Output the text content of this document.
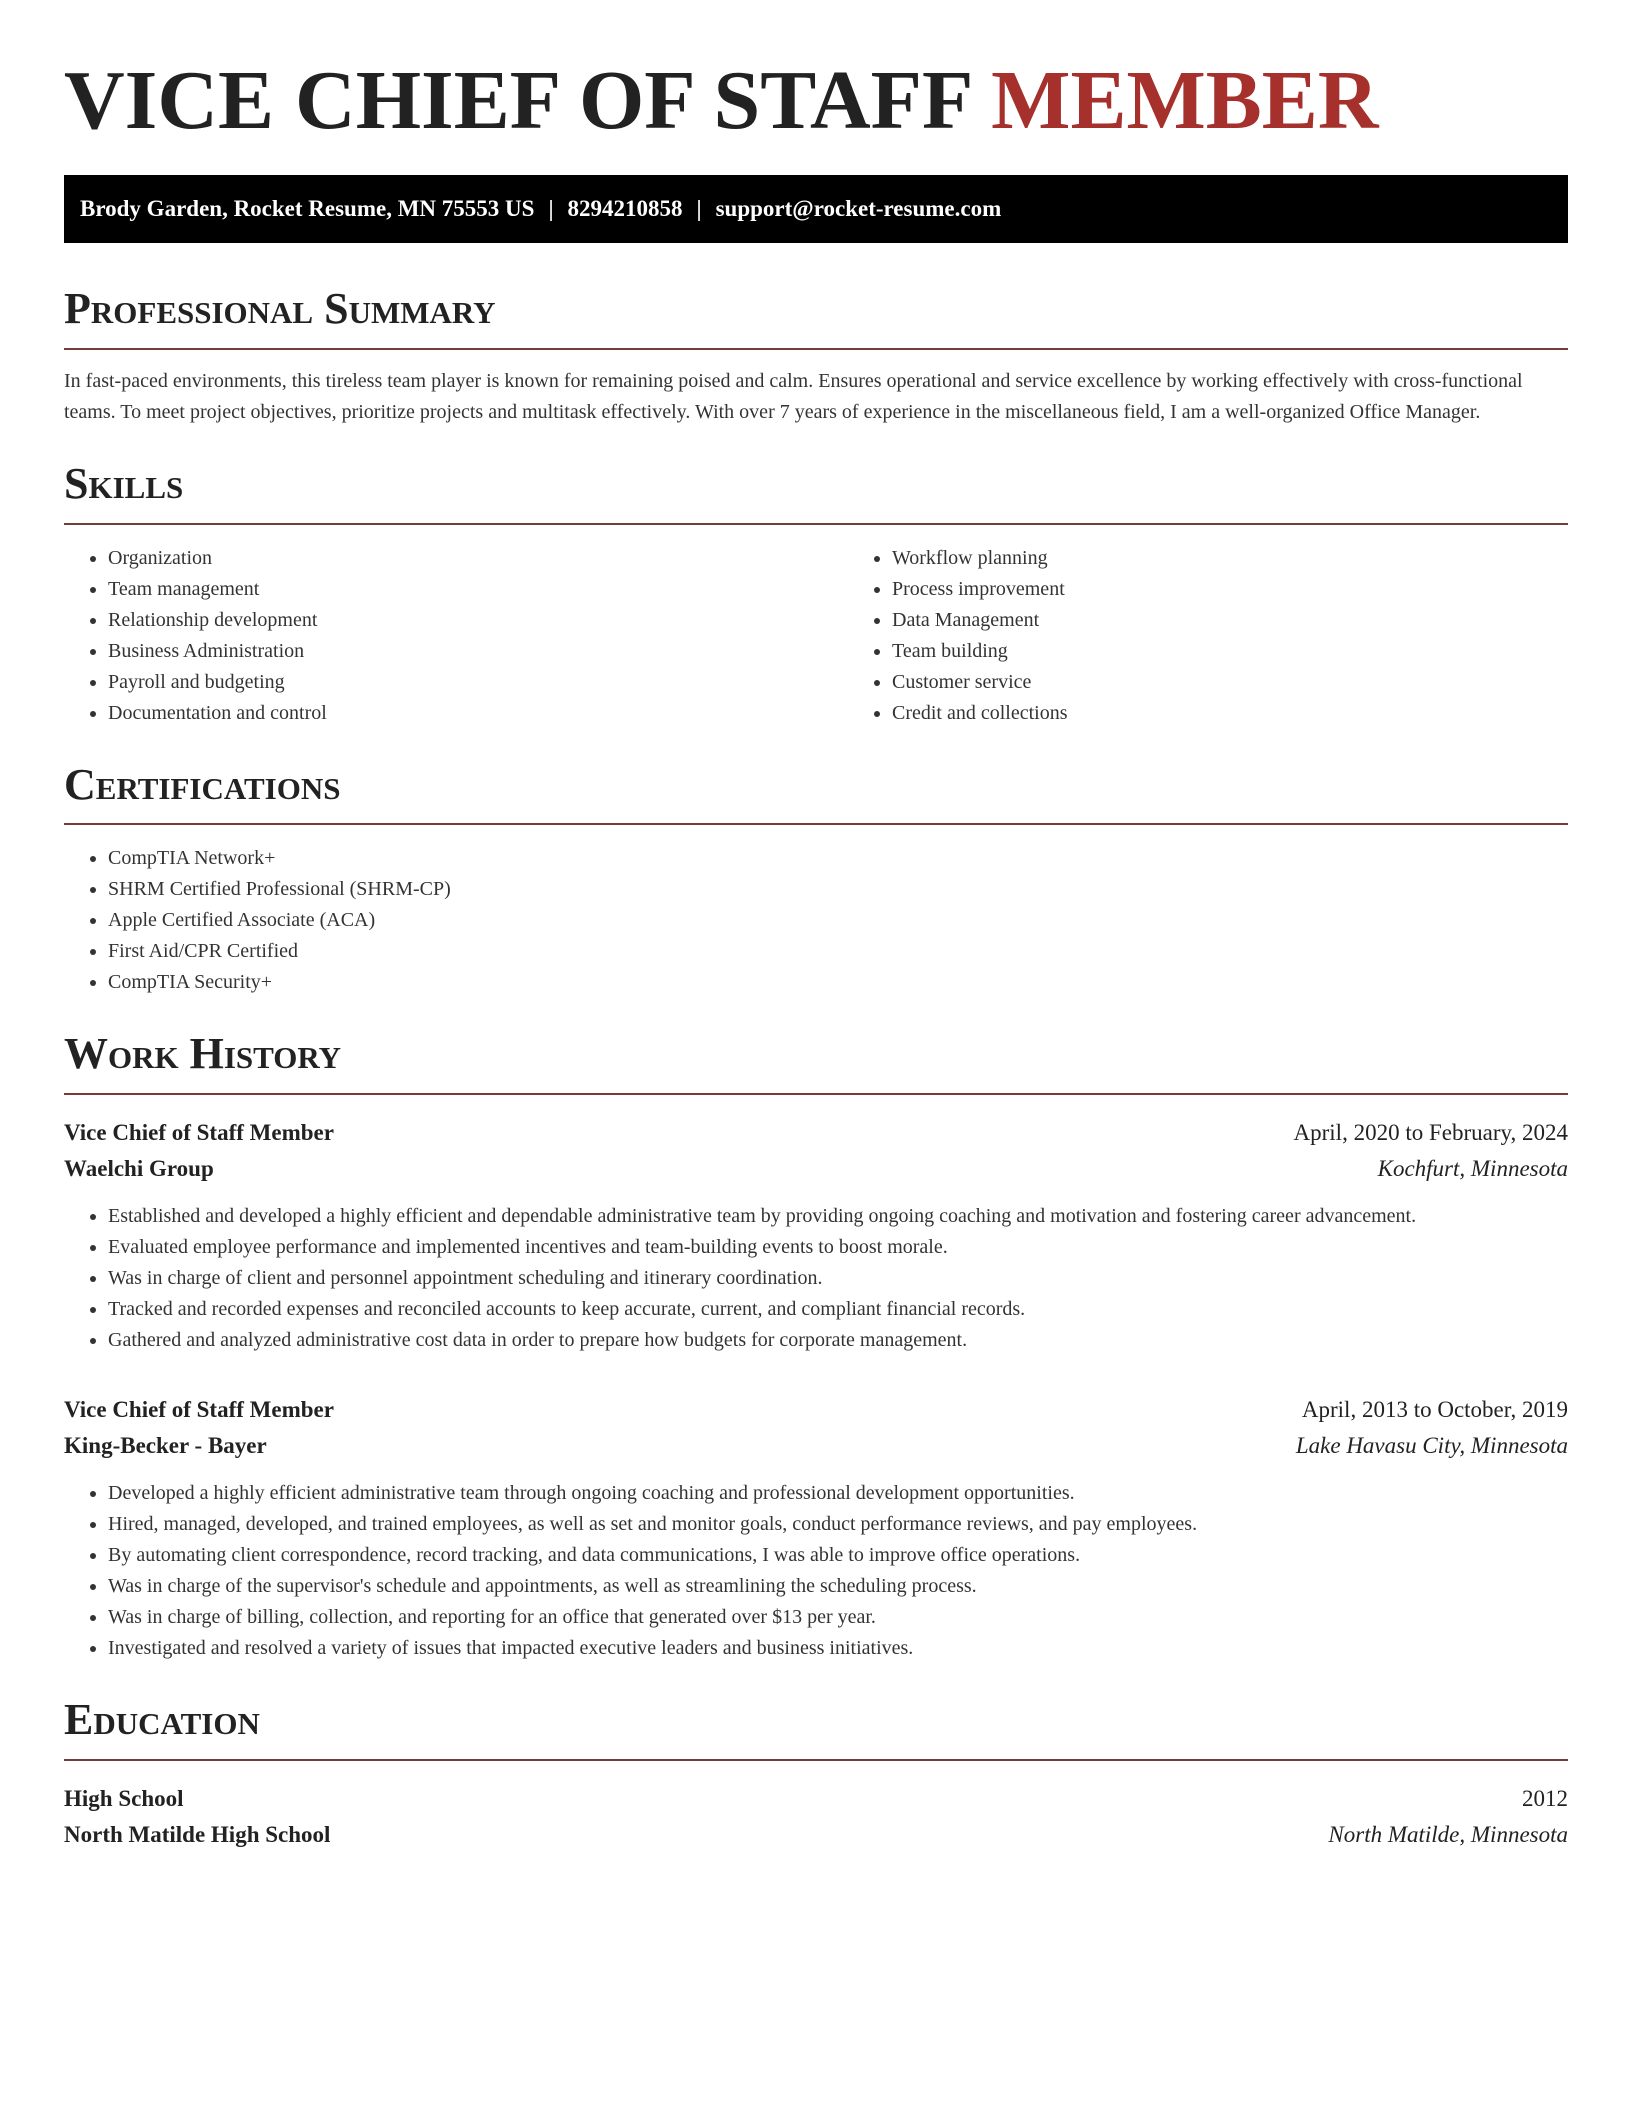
VICE CHIEF OF STAFF MEMBER
Brody Garden, Rocket Resume, MN 75553 US | 8294210858 | support@rocket-resume.com
Professional Summary

In fast-paced environments, this tireless team player is known for remaining poised and calm. Ensures operational and service excellence by working effectively with cross-functional teams. To meet project objectives, prioritize projects and multitask effectively. With over 7 years of experience in the miscellaneous field, I am a well-organized Office Manager.

Skills
• Organization
• Team management
• Relationship development
• Business Administration
• Payroll and budgeting
• Documentation and control
• Workflow planning
• Process improvement
• Data Management
• Team building
• Customer service
• Credit and collections
Certifications
• CompTIA Network+
• SHRM Certified Professional (SHRM-CP)
• Apple Certified Associate (ACA)
• First Aid/CPR Certified
• CompTIA Security+
Work History
Vice Chief of Staff Member	April, 2020 to February, 2024
Waelchi Group	Kochfurt, Minnesota
• Established and developed a highly efficient and dependable administrative team by providing ongoing coaching and motivation and fostering career advancement.
• Evaluated employee performance and implemented incentives and team-building events to boost morale.
• Was in charge of client and personnel appointment scheduling and itinerary coordination.
• Tracked and recorded expenses and reconciled accounts to keep accurate, current, and compliant financial records.
• Gathered and analyzed administrative cost data in order to prepare how budgets for corporate management.
Vice Chief of Staff Member	April, 2013 to October, 2019
King-Becker - Bayer	Lake Havasu City, Minnesota
• Developed a highly efficient administrative team through ongoing coaching and professional development opportunities.
• Hired, managed, developed, and trained employees, as well as set and monitor goals, conduct performance reviews, and pay employees.
• By automating client correspondence, record tracking, and data communications, I was able to improve office operations.
• Was in charge of the supervisor's schedule and appointments, as well as streamlining the scheduling process.
• Was in charge of billing, collection, and reporting for an office that generated over $13 per year.
• Investigated and resolved a variety of issues that impacted executive leaders and business initiatives.
Education
High School	2012
North Matilde High School	North Matilde, Minnesota
